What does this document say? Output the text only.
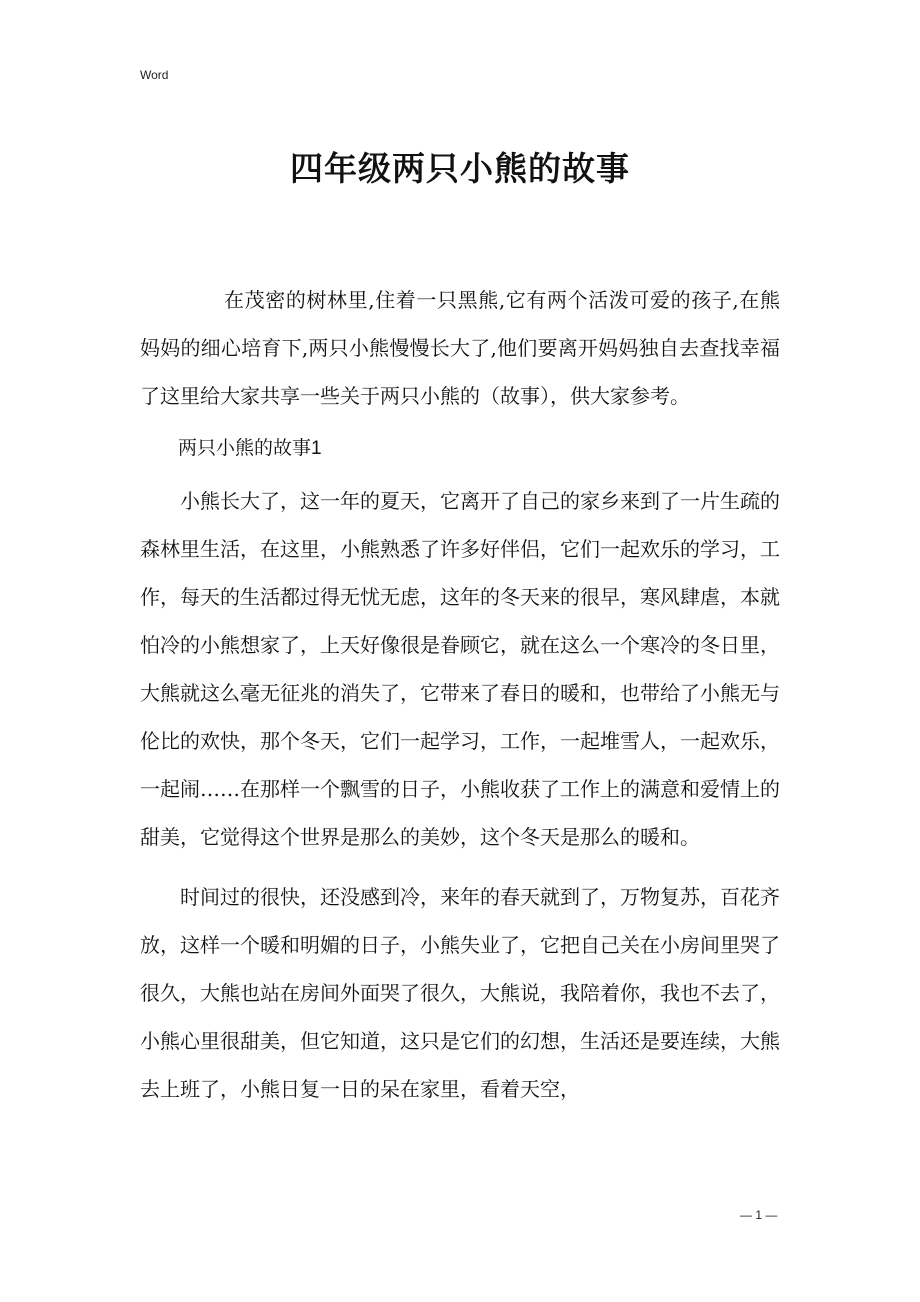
Word
四年级两只小熊的故事

在茂密的树林里,住着一只黑熊,它有两个活泼可爱的孩子,在熊妈妈的细心培育下,两只小熊慢慢长大了,他们要离开妈妈独自去查找幸福了这里给大家共享一些关于两只小熊的（故事），供大家参考。

两只小熊的故事1

小熊长大了，这一年的夏天，它离开了自己的家乡来到了一片生疏的森林里生活，在这里，小熊熟悉了许多好伴侣，它们一起欢乐的学习，工作，每天的生活都过得无忧无虑，这年的冬天来的很早，寒风肆虐，本就怕冷的小熊想家了，上天好像很是眷顾它，就在这么一个寒冷的冬日里，大熊就这么毫无征兆的消失了，它带来了春日的暖和，也带给了小熊无与伦比的欢快，那个冬天，它们一起学习，工作，一起堆雪人，一起欢乐，一起闹……在那样一个飘雪的日子，小熊收获了工作上的满意和爱情上的甜美，它觉得这个世界是那么的美妙，这个冬天是那么的暖和。

时间过的很快，还没感到冷，来年的春天就到了，万物复苏，百花齐放，这样一个暖和明媚的日子，小熊失业了，它把自己关在小房间里哭了很久，大熊也站在房间外面哭了很久，大熊说，我陪着你，我也不去了，小熊心里很甜美，但它知道，这只是它们的幻想，生活还是要连续，大熊去上班了，小熊日复一日的呆在家里，看着天空，

— 1 —
